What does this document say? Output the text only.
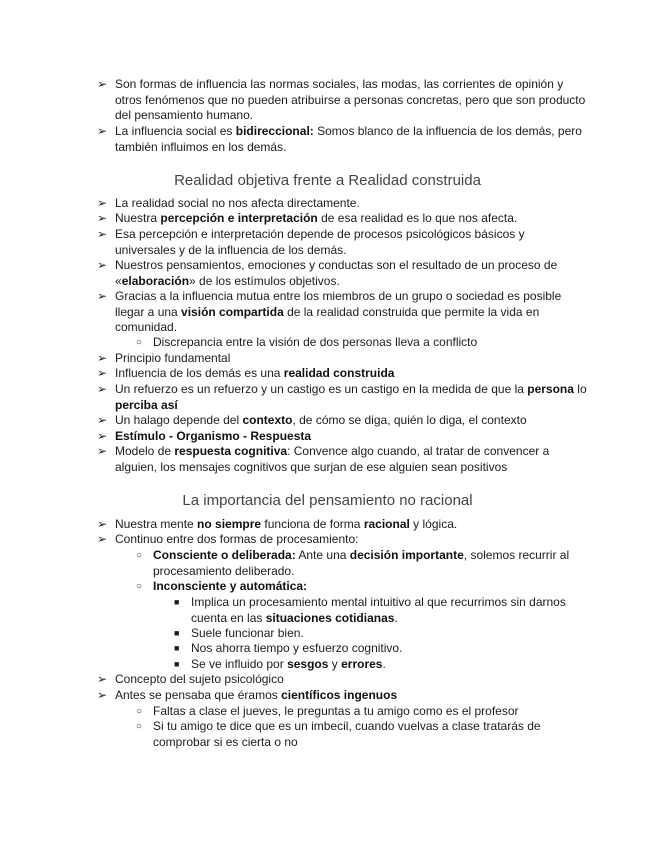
➢ Son formas de influencia las normas sociales, las modas, las corrientes de opinión y
otros fenómenos que no pueden atribuirse a personas concretas, pero que son producto
del pensamiento humano.
➢ La influencia social es bidireccional: Somos blanco de la influencia de los demás, pero
también influimos en los demás.
Realidad objetiva frente a Realidad construida
➢ La realidad social no nos afecta directamente.
➢ Nuestra percepción e interpretación de esa realidad es lo que nos afecta.
➢ Esa percepción e interpretación depende de procesos psicológicos básicos y
universales y de la influencia de los demás.
➢ Nuestros pensamientos, emociones y conductas son el resultado de un proceso de
«elaboración» de los estímulos objetivos.
➢ Gracias a la influencia mutua entre los miembros de un grupo o sociedad es posible
llegar a una visión compartida de la realidad construida que permite la vida en
comunidad.
○ Discrepancia entre la visión de dos personas lleva a conflicto
➢ Principio fundamental
➢ Influencia de los demás es una realidad construida
➢ Un refuerzo es un refuerzo y un castigo es un castigo en la medida de que la persona lo
perciba así
➢ Un halago depende del contexto, de cómo se diga, quién lo diga, el contexto
➢ Estímulo - Organismo - Respuesta
➢ Modelo de respuesta cognitiva: Convence algo cuando, al tratar de convencer a
alguien, los mensajes cognitivos que surjan de ese alguien sean positivos
La importancia del pensamiento no racional
➢ Nuestra mente no siempre funciona de forma racional y lógica.
➢ Continuo entre dos formas de procesamiento:
○ Consciente o deliberada: Ante una decisión importante, solemos recurrir al
procesamiento deliberado.
○ Inconsciente y automática:
■ Implica un procesamiento mental intuitivo al que recurrimos sin darnos
cuenta en las situaciones cotidianas.
■ Suele funcionar bien.
■ Nos ahorra tiempo y esfuerzo cognitivo.
■ Se ve influido por sesgos y errores.
➢ Concepto del sujeto psicológico
➢ Antes se pensaba que éramos científicos ingenuos
○ Faltas a clase el jueves, le preguntas a tu amigo como es el profesor
○ Si tu amigo te dice que es un imbecil, cuando vuelvas a clase tratarás de
comprobar si es cierta o no
